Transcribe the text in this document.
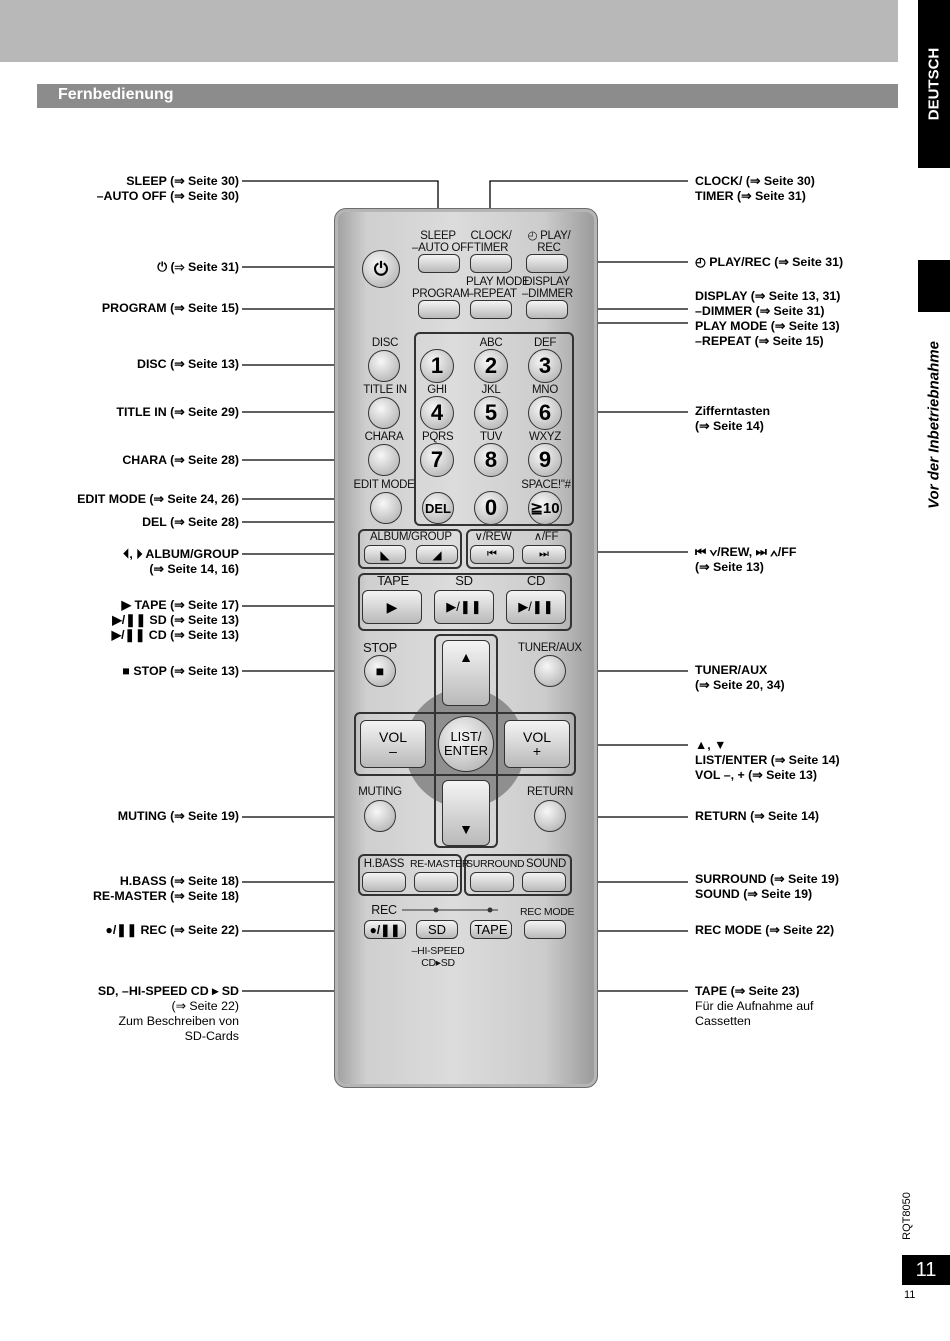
Fernbedienung	DEUTSCH
Vor der Inbetriebnahme
SLEEP (⇒ Seite 30)
–AUTO OFF (⇒ Seite 30)
⏻ (⇒ Seite 31)
PROGRAM (⇒ Seite 15)
DISC (⇒ Seite 13)
TITLE IN (⇒ Seite 29)
CHARA (⇒ Seite 28)
EDIT MODE (⇒ Seite 24, 26)
DEL (⇒ Seite 28)
⏴, ⏵ ALBUM/GROUP
(⇒ Seite 14, 16)
▶ TAPE (⇒ Seite 17)
▶/❚❚ SD (⇒ Seite 13)
▶/❚❚ CD (⇒ Seite 13)
■ STOP (⇒ Seite 13)
MUTING (⇒ Seite 19)
H.BASS (⇒ Seite 18)
RE-MASTER (⇒ Seite 18)
●/❚❚ REC (⇒ Seite 22)
SD, –HI-SPEED CD ▸ SD
(⇒ Seite 22)
Zum Beschreiben von
SD-Cards
CLOCK/ (⇒ Seite 30)
TIMER (⇒ Seite 31)
◴ PLAY/REC (⇒ Seite 31)
DISPLAY (⇒ Seite 13, 31)
–DIMMER (⇒ Seite 31)
PLAY MODE (⇒ Seite 13)
–REPEAT (⇒ Seite 15)
Zifferntasten
(⇒ Seite 14)
⏮ ∨/REW, ⏭ ∧/FF
(⇒ Seite 13)
TUNER/AUX
(⇒ Seite 20, 34)
▲, ▼
LIST/ENTER (⇒ Seite 14)
VOL –, + (⇒ Seite 13)
RETURN (⇒ Seite 14)
SURROUND (⇒ Seite 19)
SOUND (⇒ Seite 19)
REC MODE (⇒ Seite 22)
TAPE (⇒ Seite 23)
Für die Aufnahme auf
Cassetten
SLEEP
–AUTO OFF
CLOCK/
TIMER
◴ PLAY/
REC
⏻
PROGRAM
PLAY MODE
–REPEAT
DISPLAY
–DIMMER
DISC
TITLE IN
CHARA
EDIT MODE
DEL
ABC	DEF
GHI	JKL	MNO
PQRS TUV WXYZ
SPACE!"#
1 2 3
4 5 6
7 8 9
0 ≧10
ALBUM/GROUP	∨/REW	∧/FF
◣	◢	⏮	⏭
TAPE	SD	CD
▶	▶/❚❚	▶/❚❚
STOP
■
TUNER/AUX
▲
▼
VOL
–
VOL
+
LIST/
ENTER
MUTING	RETURN
H.BASS RE-MASTER
SURROUND SOUND
REC	REC MODE
●/❚❚ SD TAPE
–HI-SPEED
CD▸SD
RQT8050
11
11
